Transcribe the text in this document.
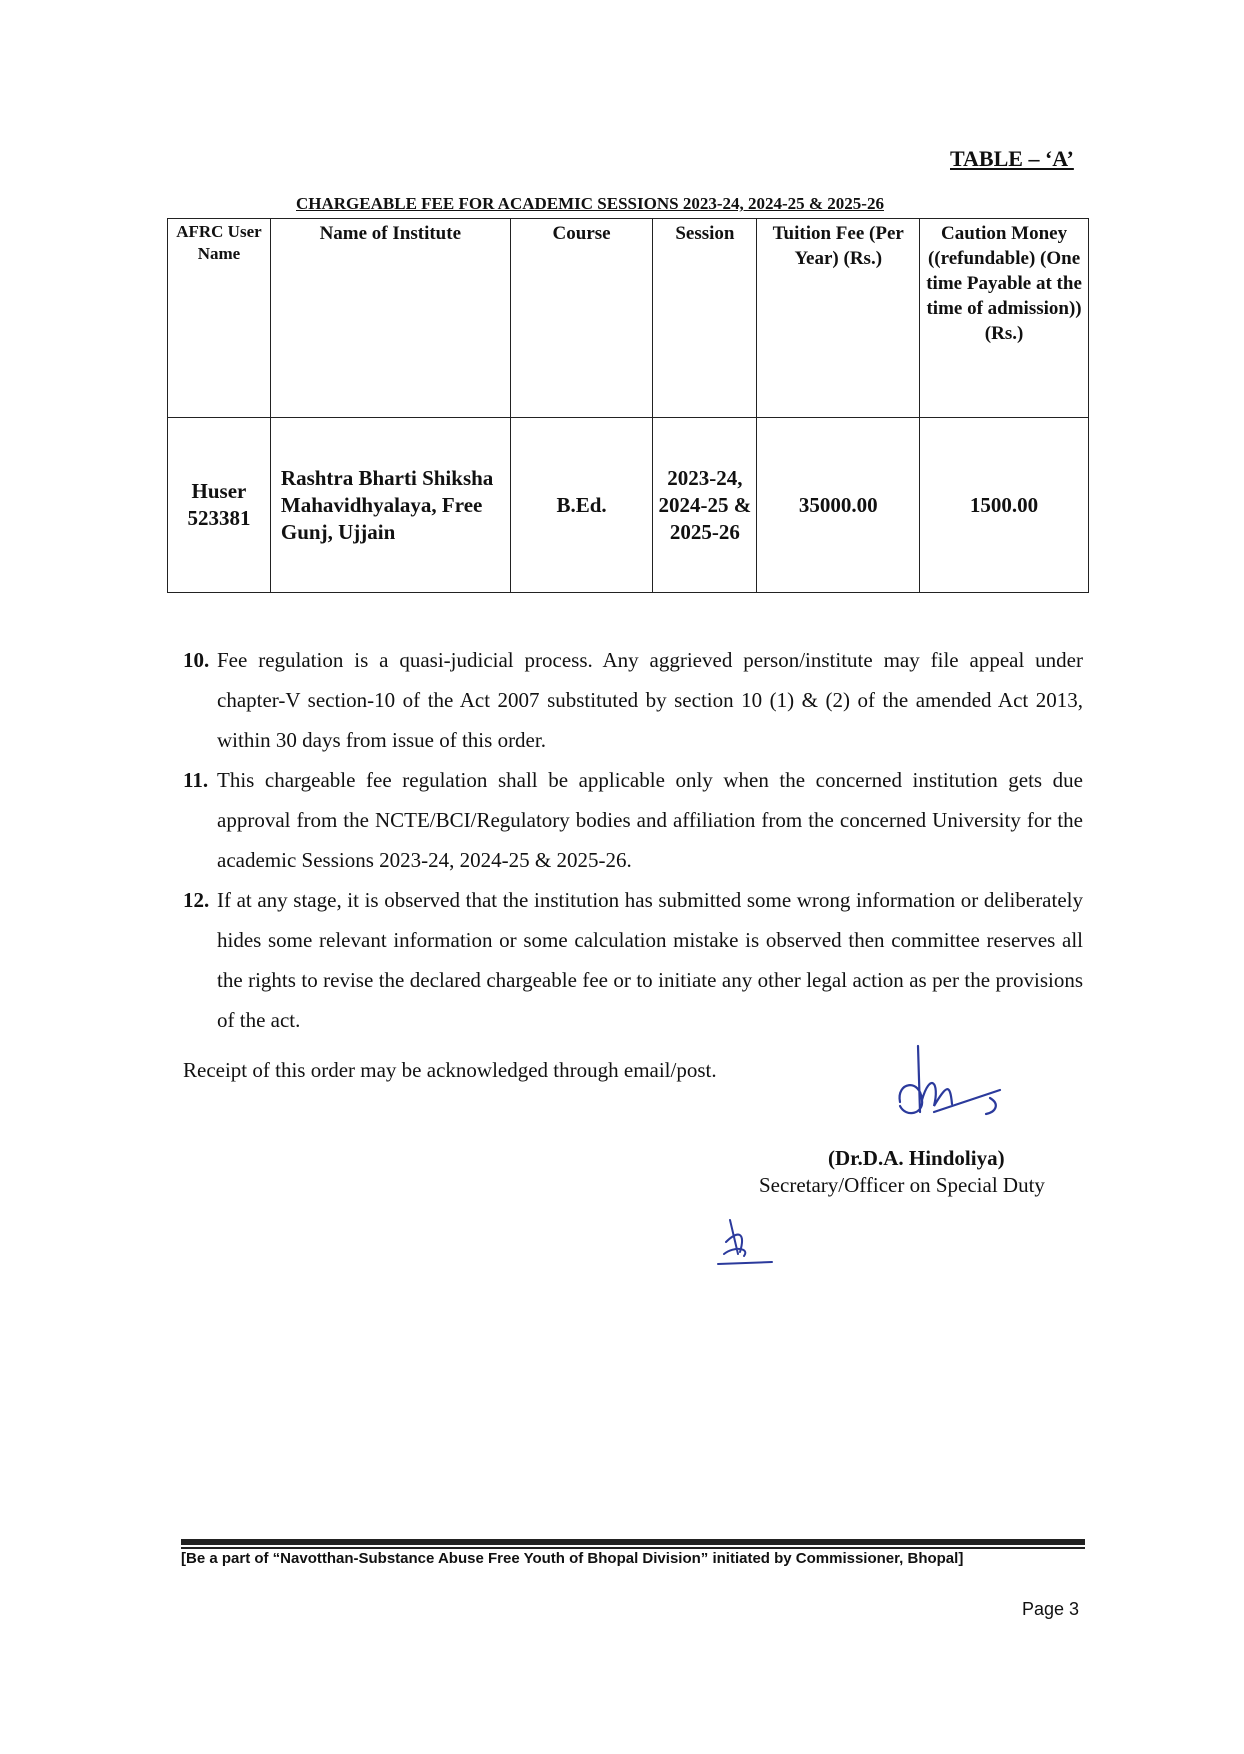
TABLE – ‘A’
CHARGEABLE FEE FOR ACADEMIC SESSIONS 2023-24, 2024-25 & 2025-26
AFRC User Name	Name of Institute	Course	Session	Tuition Fee (Per Year) (Rs.)	Caution Money ((refundable) (One time Payable at the time of admission)) (Rs.)
Huser 523381	Rashtra Bharti Shiksha Mahavidhyalaya, Free Gunj, Ujjain	B.Ed.	2023-24, 2024-25 & 2025-26	35000.00	1500.00
10. Fee regulation is a quasi-judicial process. Any aggrieved person/institute may file appeal under chapter-V section-10 of the Act 2007 substituted by section 10 (1) & (2) of the amended Act 2013, within 30 days from issue of this order.
11. This chargeable fee regulation shall be applicable only when the concerned institution gets due approval from the NCTE/BCI/Regulatory bodies and affiliation from the concerned University for the academic Sessions 2023-24, 2024-25 & 2025-26.
12. If at any stage, it is observed that the institution has submitted some wrong information or deliberately hides some relevant information or some calculation mistake is observed then committee reserves all the rights to revise the declared chargeable fee or to initiate any other legal action as per the provisions of the act.
Receipt of this order may be acknowledged through email/post.
(Dr.D.A. Hindoliya)
Secretary/Officer on Special Duty
[Be a part of “Navotthan-Substance Abuse Free Youth of Bhopal Division” initiated by Commissioner, Bhopal]
Page 3
